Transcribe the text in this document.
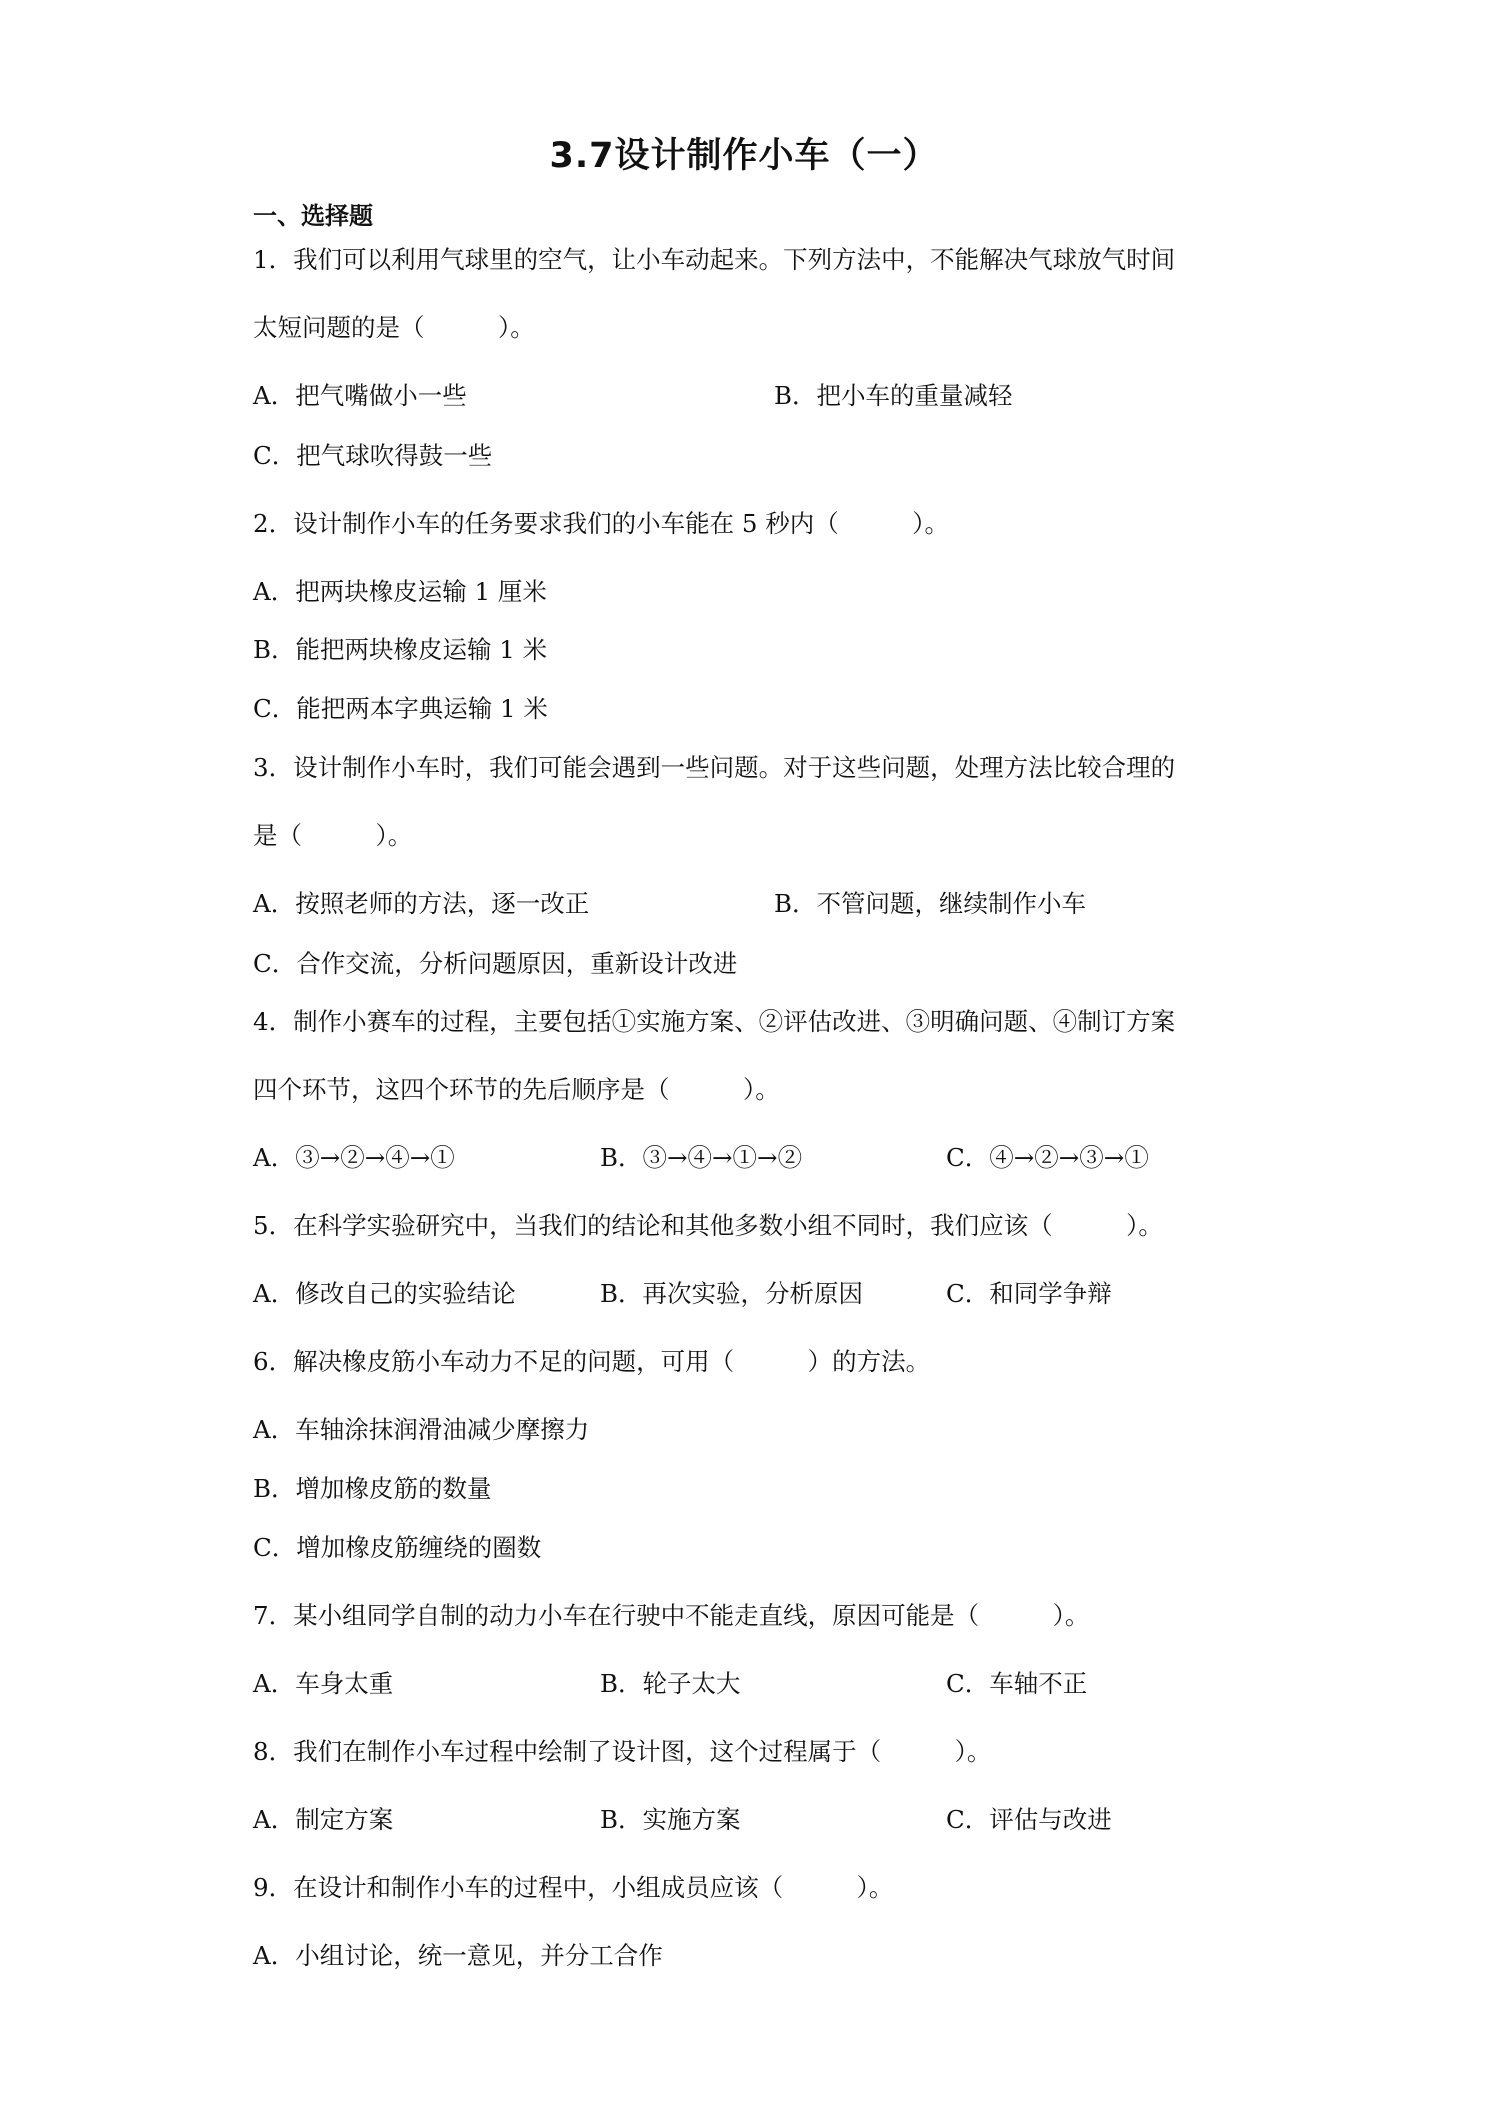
3.7设计制作小车（一）
一、选择题
1．我们可以利用气球里的空气，让小车动起来。下列方法中，不能解决气球放气时间
太短问题的是（　　　）。
A．把气嘴做小一些	B．把小车的重量减轻
C．把气球吹得鼓一些
2．设计制作小车的任务要求我们的小车能在 5 秒内（　　　）。
A．把两块橡皮运输 1 厘米
B．能把两块橡皮运输 1 米
C．能把两本字典运输 1 米
3．设计制作小车时，我们可能会遇到一些问题。对于这些问题，处理方法比较合理的
是（　　　）。
A．按照老师的方法，逐一改正	B．不管问题，继续制作小车
C．合作交流，分析问题原因，重新设计改进
4．制作小赛车的过程，主要包括①实施方案、②评估改进、③明确问题、④制订方案
四个环节，这四个环节的先后顺序是（　　　）。
A．③→②→④→①	B．③→④→①→②	C．④→②→③→①
5．在科学实验研究中，当我们的结论和其他多数小组不同时，我们应该（　　　）。
A．修改自己的实验结论	B．再次实验，分析原因	C．和同学争辩
6．解决橡皮筋小车动力不足的问题，可用（　　　）的方法。
A．车轴涂抹润滑油减少摩擦力
B．增加橡皮筋的数量
C．增加橡皮筋缠绕的圈数
7．某小组同学自制的动力小车在行驶中不能走直线，原因可能是（　　　）。
A．车身太重	B．轮子太大	C．车轴不正
8．我们在制作小车过程中绘制了设计图，这个过程属于（　　　）。
A．制定方案	B．实施方案	C．评估与改进
9．在设计和制作小车的过程中，小组成员应该（　　　）。
A．小组讨论，统一意见，并分工合作
